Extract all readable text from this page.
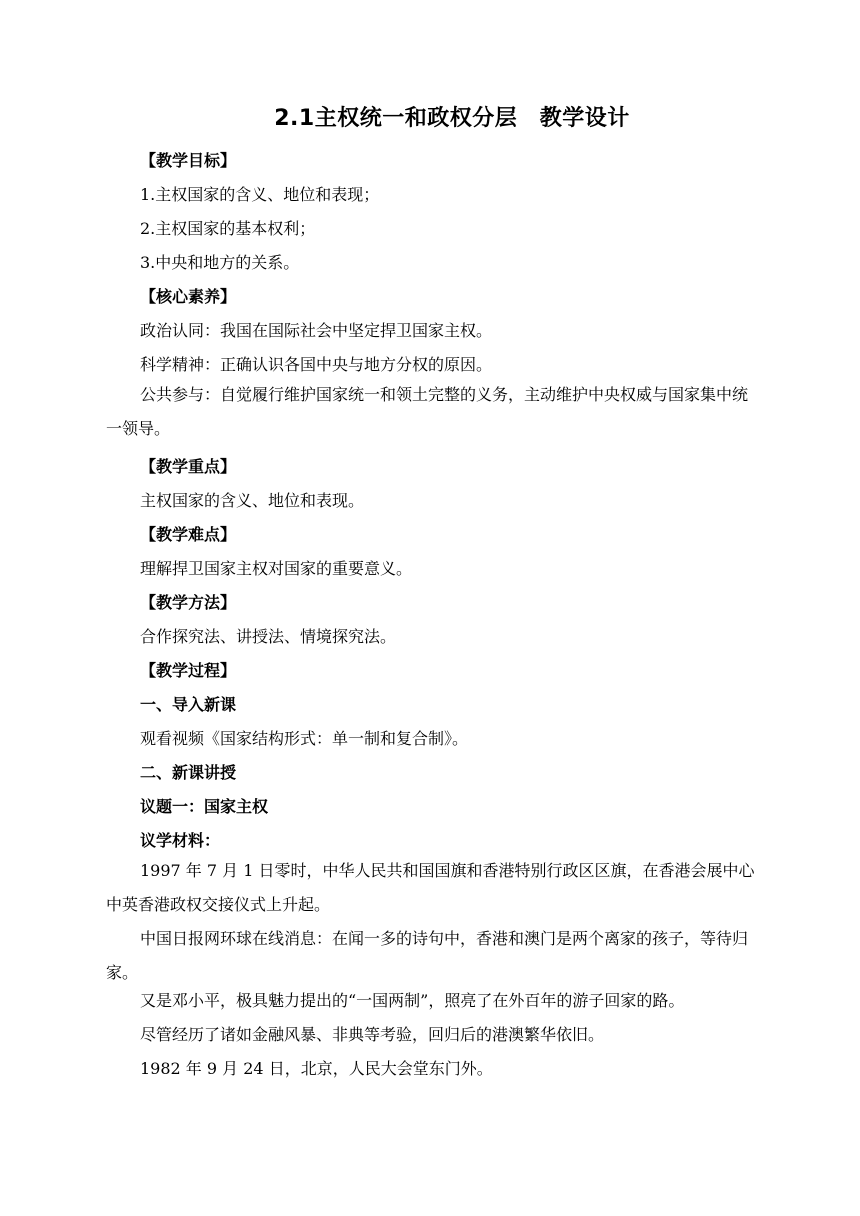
2.1主权统一和政权分层　教学设计
【教学目标】
1.主权国家的含义、地位和表现；
2.主权国家的基本权利；
3.中央和地方的关系。
【核心素养】
政治认同：我国在国际社会中坚定捍卫国家主权。
科学精神：正确认识各国中央与地方分权的原因。
公共参与：自觉履行维护国家统一和领土完整的义务，主动维护中央权威与国家集中统一领导。
【教学重点】
主权国家的含义、地位和表现。
【教学难点】
理解捍卫国家主权对国家的重要意义。
【教学方法】
合作探究法、讲授法、情境探究法。
【教学过程】
一、导入新课
观看视频《国家结构形式：单一制和复合制》。
二、新课讲授
议题一：国家主权
议学材料：
1997 年 7 月 1 日零时，中华人民共和国国旗和香港特别行政区区旗，在香港会展中心中英香港政权交接仪式上升起。
中国日报网环球在线消息：在闻一多的诗句中，香港和澳门是两个离家的孩子，等待归家。
又是邓小平，极具魅力提出的“一国两制”，照亮了在外百年的游子回家的路。
尽管经历了诸如金融风暴、非典等考验，回归后的港澳繁华依旧。
1982 年 9 月 24 日，北京，人民大会堂东门外。
